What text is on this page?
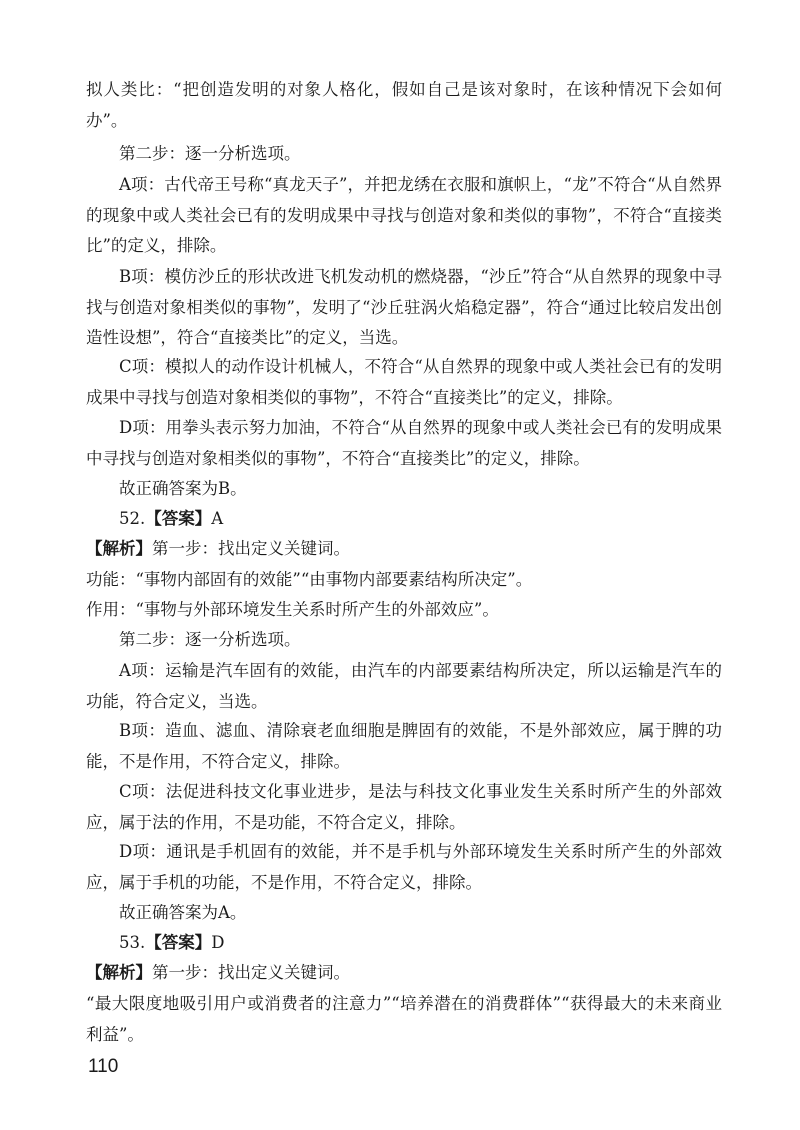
拟人类比：“把创造发明的对象人格化，假如自己是该对象时，在该种情况下会如何办”。

第二步：逐一分析选项。

A项：古代帝王号称“真龙天子”，并把龙绣在衣服和旗帜上，“龙”不符合“从自然界的现象中或人类社会已有的发明成果中寻找与创造对象和类似的事物”，不符合“直接类比”的定义，排除。

B项：模仿沙丘的形状改进飞机发动机的燃烧器，“沙丘”符合“从自然界的现象中寻找与创造对象相类似的事物”，发明了“沙丘驻涡火焰稳定器”，符合“通过比较启发出创造性设想”，符合“直接类比”的定义，当选。

C项：模拟人的动作设计机械人，不符合“从自然界的现象中或人类社会已有的发明成果中寻找与创造对象相类似的事物”，不符合“直接类比”的定义，排除。

D项：用拳头表示努力加油，不符合“从自然界的现象中或人类社会已有的发明成果中寻找与创造对象相类似的事物”，不符合“直接类比”的定义，排除。

故正确答案为B。

52.【答案】A

【解析】第一步：找出定义关键词。

功能：“事物内部固有的效能”“由事物内部要素结构所决定”。

作用：“事物与外部环境发生关系时所产生的外部效应”。

第二步：逐一分析选项。

A项：运输是汽车固有的效能，由汽车的内部要素结构所决定，所以运输是汽车的功能，符合定义，当选。

B项：造血、滤血、清除衰老血细胞是脾固有的效能，不是外部效应，属于脾的功能，不是作用，不符合定义，排除。

C项：法促进科技文化事业进步，是法与科技文化事业发生关系时所产生的外部效应，属于法的作用，不是功能，不符合定义，排除。

D项：通讯是手机固有的效能，并不是手机与外部环境发生关系时所产生的外部效应，属于手机的功能，不是作用，不符合定义，排除。

故正确答案为A。

53.【答案】D

【解析】第一步：找出定义关键词。

“最大限度地吸引用户或消费者的注意力”“培养潜在的消费群体”“获得最大的未来商业利益”。

110
